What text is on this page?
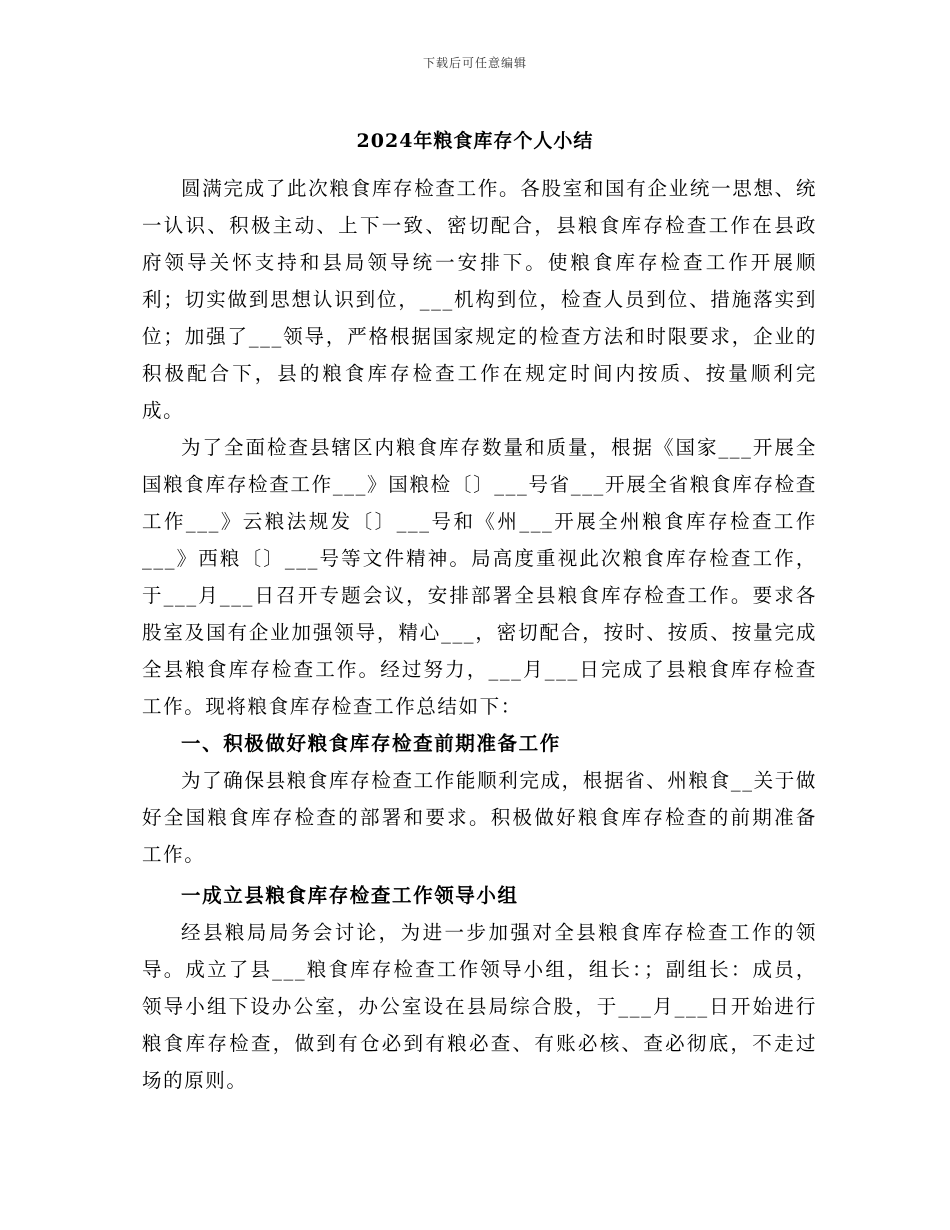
下载后可任意编辑
2024年粮食库存个人小结

圆满完成了此次粮食库存检查工作。各股室和国有企业统一思想、统一认识、积极主动、上下一致、密切配合，县粮食库存检查工作在县政府领导关怀支持和县局领导统一安排下。使粮食库存检查工作开展顺利；切实做到思想认识到位，___机构到位，检查人员到位、措施落实到位；加强了___领导，严格根据国家规定的检查方法和时限要求，企业的积极配合下，县的粮食库存检查工作在规定时间内按质、按量顺利完成。

为了全面检查县辖区内粮食库存数量和质量，根据《国家___开展全国粮食库存检查工作___》国粮检〔〕___号省___开展全省粮食库存检查工作___》云粮法规发〔〕___号和《州___开展全州粮食库存检查工作___》西粮〔〕___号等文件精神。局高度重视此次粮食库存检查工作，于___月___日召开专题会议，安排部署全县粮食库存检查工作。要求各股室及国有企业加强领导，精心___，密切配合，按时、按质、按量完成全县粮食库存检查工作。经过努力，___月___日完成了县粮食库存检查工作。现将粮食库存检查工作总结如下：

一、积极做好粮食库存检查前期准备工作

为了确保县粮食库存检查工作能顺利完成，根据省、州粮食__关于做好全国粮食库存检查的部署和要求。积极做好粮食库存检查的前期准备工作。

一成立县粮食库存检查工作领导小组

经县粮局局务会讨论，为进一步加强对全县粮食库存检查工作的领导。成立了县___粮食库存检查工作领导小组，组长：；副组长：成员，领导小组下设办公室，办公室设在县局综合股，于___月___日开始进行粮食库存检查，做到有仓必到有粮必查、有账必核、查必彻底，不走过场的原则。
